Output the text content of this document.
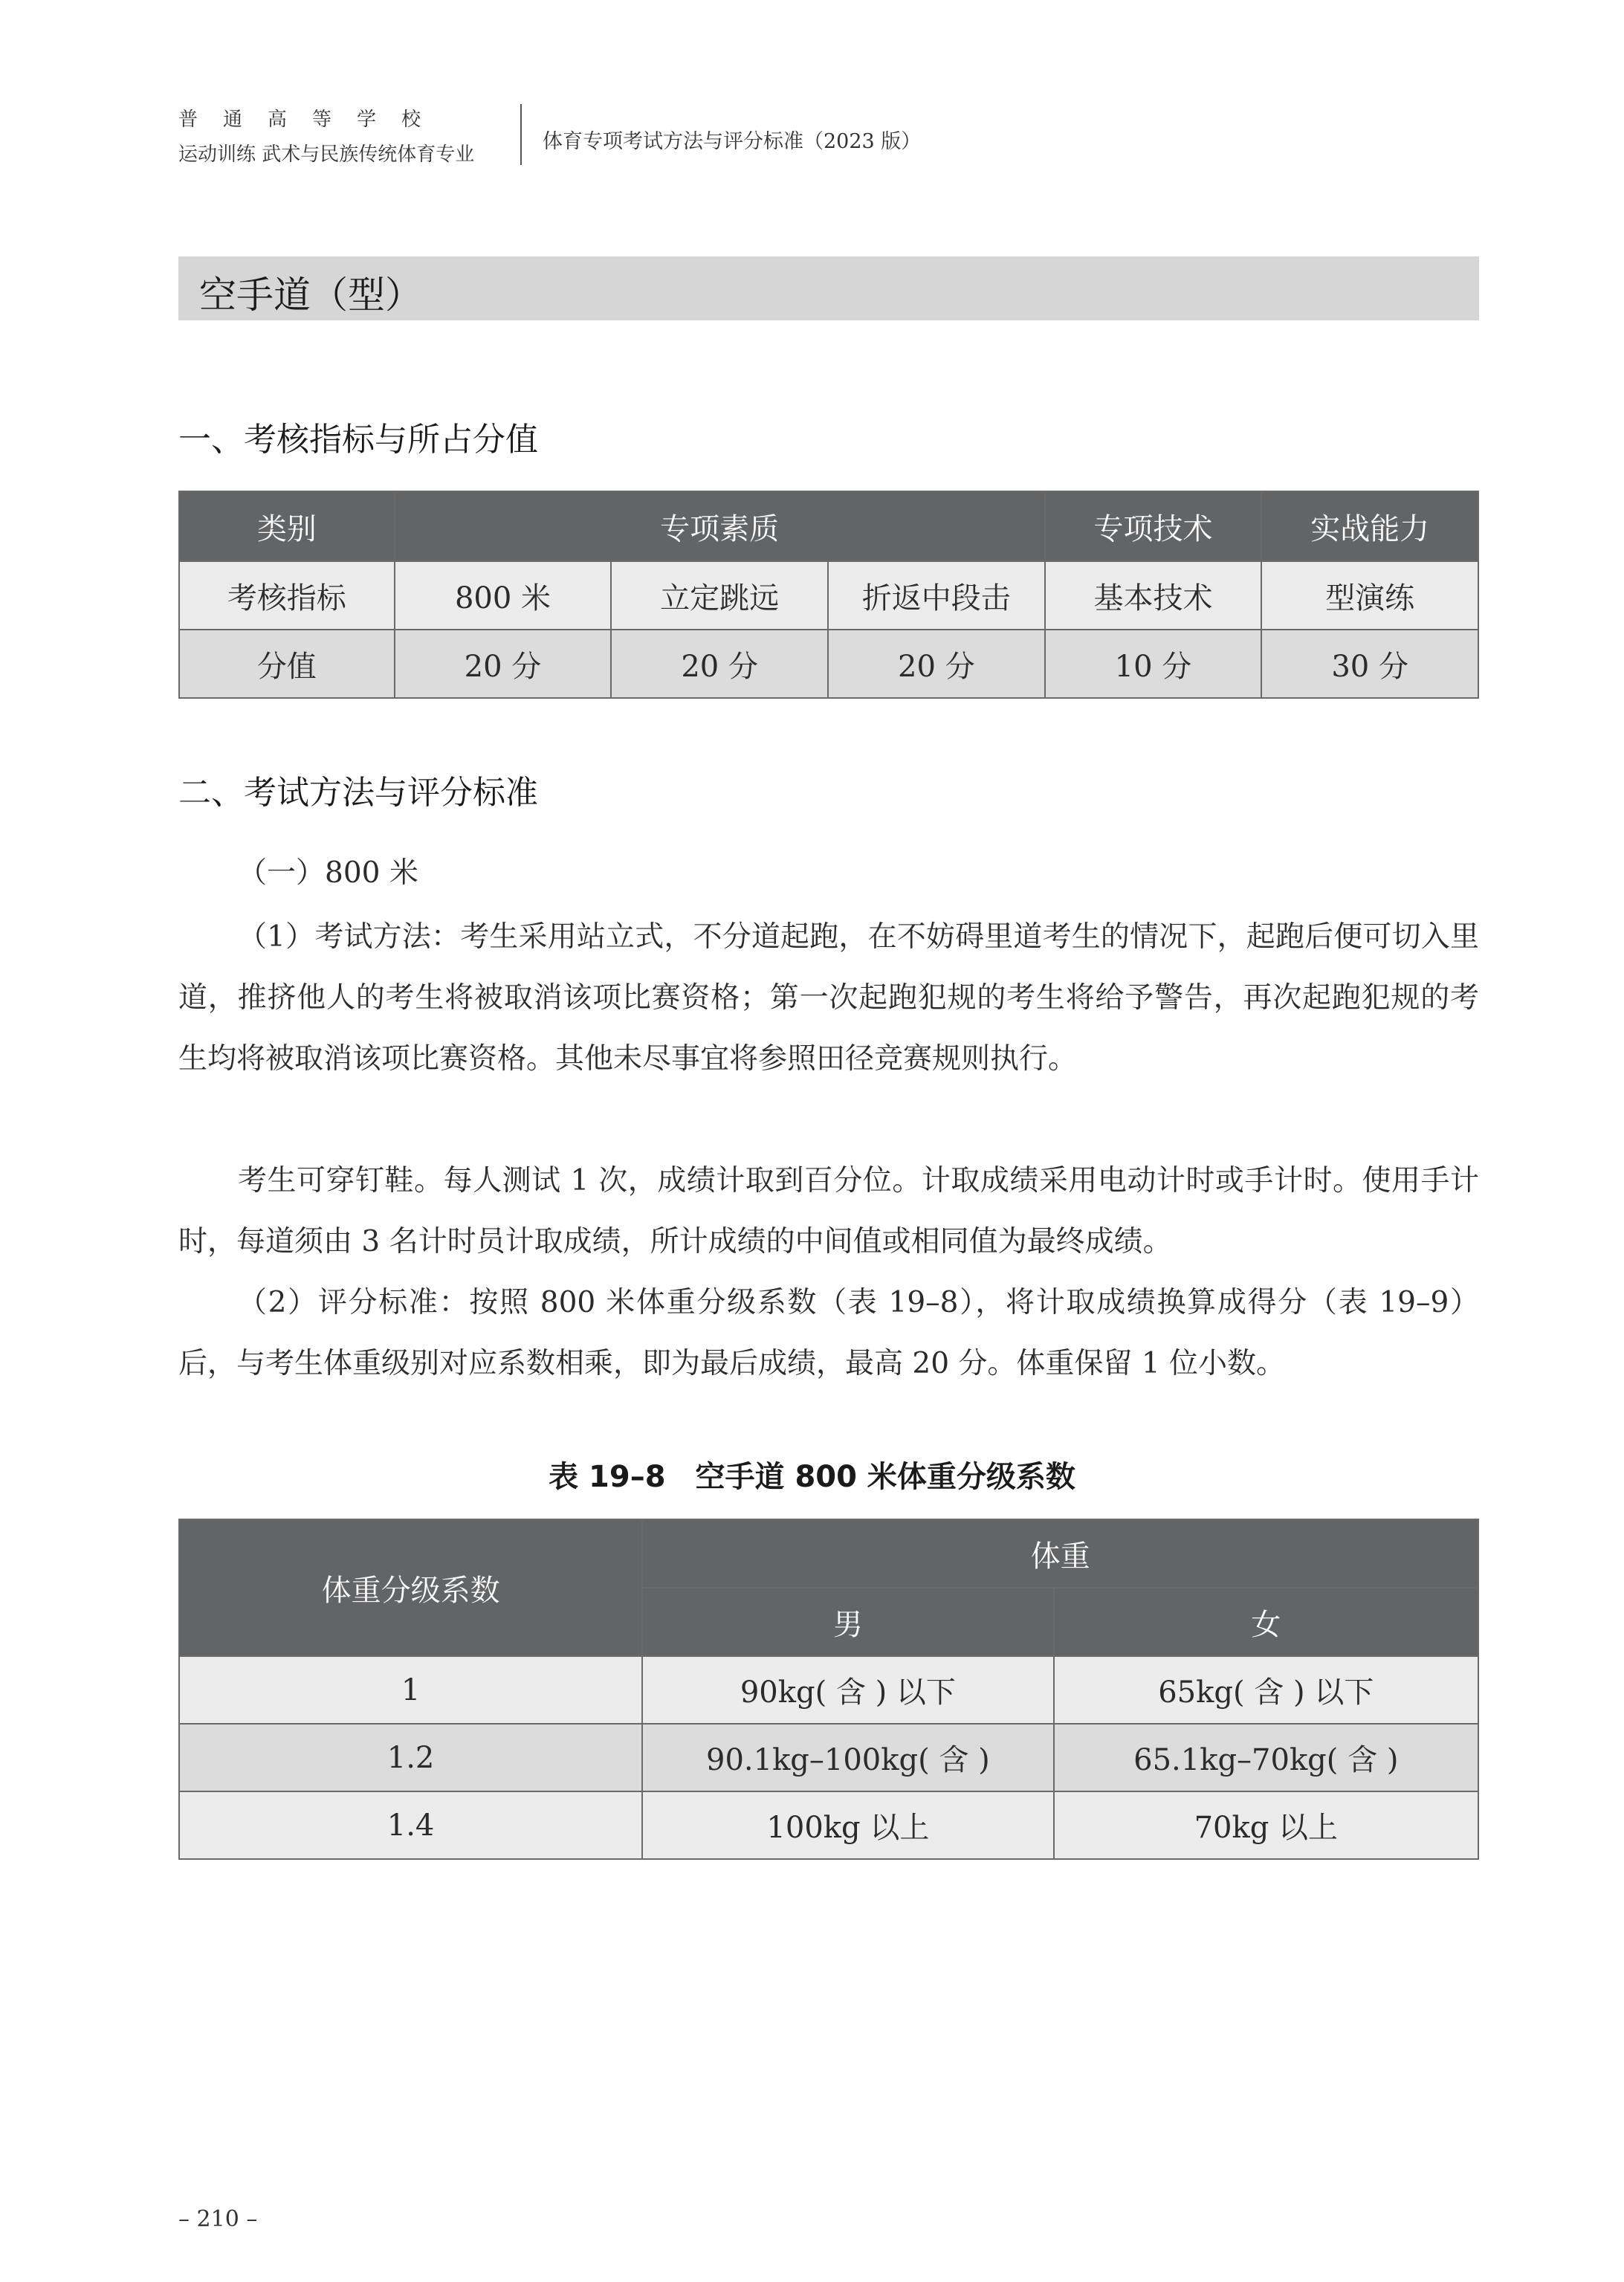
普通高等学校
运动训练 武术与民族传统体育专业
体育专项考试方法与评分标准（2023 版）
空手道（型）
一、考核指标与所占分值
类别	专项素质			专项技术	实战能力
考核指标	800 米	立定跳远	折返中段击	基本技术	型演练
分值	20 分	20 分	20 分	10 分	30 分
二、考试方法与评分标准
（一）800 米
（1）考试方法：考生采用站立式，不分道起跑，在不妨碍里道考生的情况下，起跑后便可切入里道，推挤他人的考生将被取消该项比赛资格；第一次起跑犯规的考生将给予警告，再次起跑犯规的考生均将被取消该项比赛资格。其他未尽事宜将参照田径竞赛规则执行。
考生可穿钉鞋。每人测试 1 次，成绩计取到百分位。计取成绩采用电动计时或手计时。使用手计时，每道须由 3 名计时员计取成绩，所计成绩的中间值或相同值为最终成绩。
（2）评分标准：按照 800 米体重分级系数（表 19–8），将计取成绩换算成得分（表 19–9）后，与考生体重级别对应系数相乘，即为最后成绩，最高 20 分。体重保留 1 位小数。
表 19–8　空手道 800 米体重分级系数
体重分级系数	体重	
	男	女
1	90kg( 含 ) 以下	65kg( 含 ) 以下
1.2	90.1kg–100kg( 含 )	65.1kg–70kg( 含 )
1.4	100kg 以上	70kg 以上
– 210 –
